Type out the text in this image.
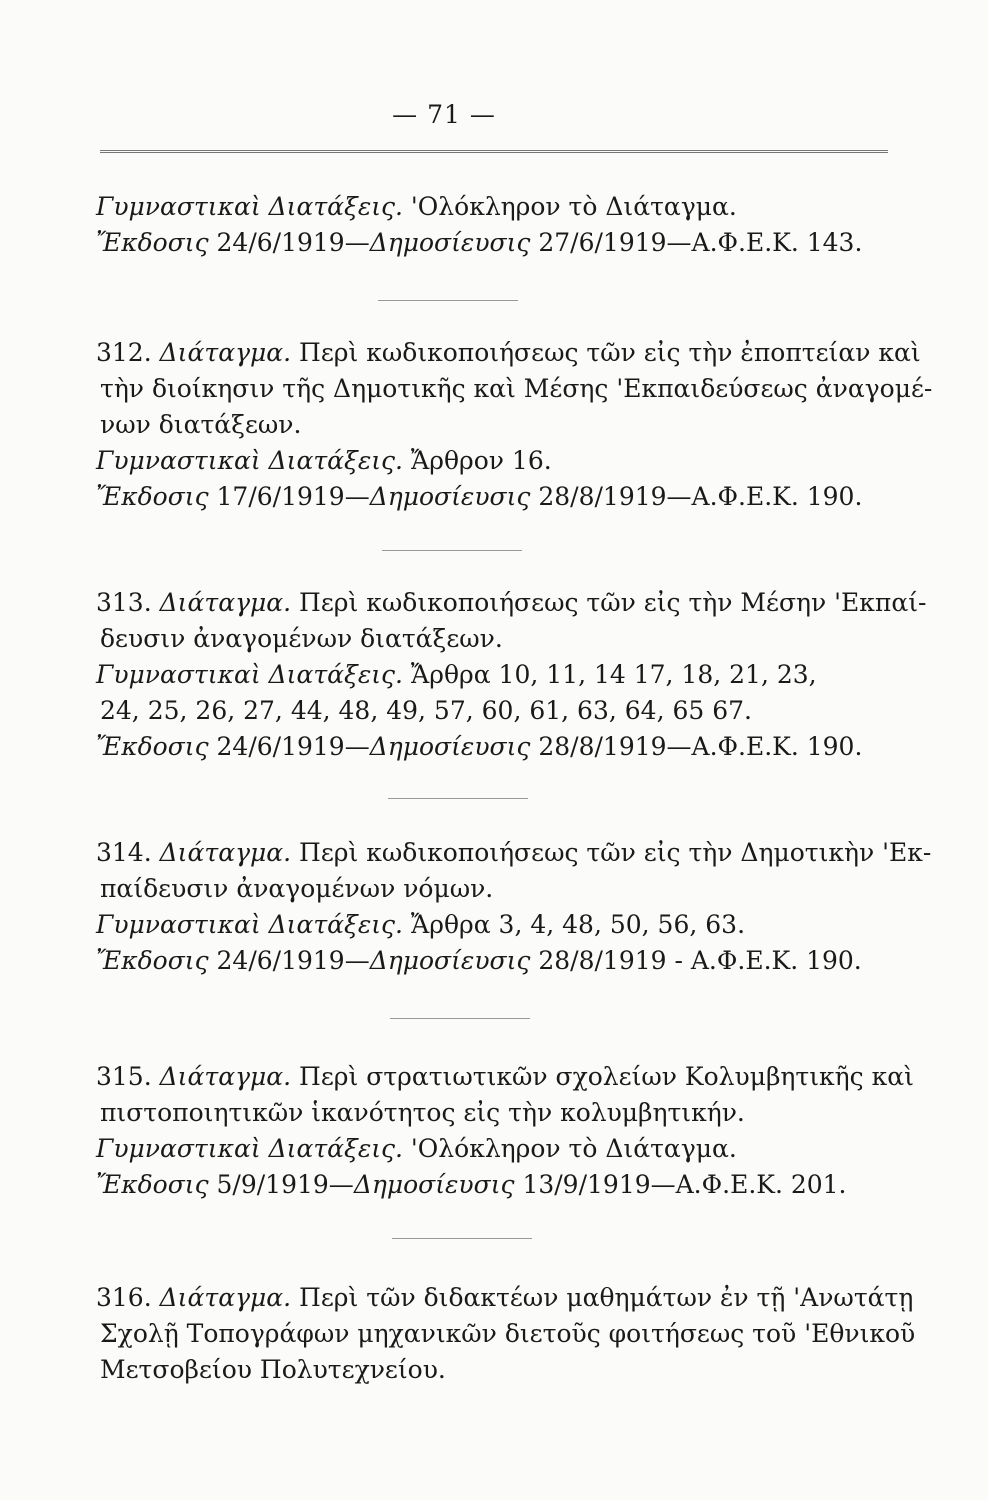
— 71 —
Γυμναστικαὶ Διατάξεις. 'Ολόκληρον τὸ Διάταγμα.
Ἔκδοσις 24/6/1919—Δημοσίευσις 27/6/1919—Α.Φ.Ε.Κ. 143.
312. Διάταγμα. Περὶ κωδικοποιήσεως τῶν εἰς τὴν ἐποπτείαν καὶ
τὴν διοίκησιν τῆς Δημοτικῆς καὶ Μέσης 'Εκπαιδεύσεως ἀναγομέ-
νων διατάξεων.
Γυμναστικαὶ Διατάξεις. Ἄρθρον 16.
Ἔκδοσις 17/6/1919—Δημοσίευσις 28/8/1919—Α.Φ.Ε.Κ. 190.
313. Διάταγμα. Περὶ κωδικοποιήσεως τῶν εἰς τὴν Μέσην 'Εκπαί-
δευσιν ἀναγομένων διατάξεων.
Γυμναστικαὶ Διατάξεις. Ἄρθρα 10, 11, 14 17, 18, 21, 23,
24, 25, 26, 27, 44, 48, 49, 57, 60, 61, 63, 64, 65 67.
Ἔκδοσις 24/6/1919—Δημοσίευσις 28/8/1919—Α.Φ.Ε.Κ. 190.
314. Διάταγμα. Περὶ κωδικοποιήσεως τῶν εἰς τὴν Δημοτικὴν 'Εκ-
παίδευσιν ἀναγομένων νόμων.
Γυμναστικαὶ Διατάξεις. Ἄρθρα 3, 4, 48, 50, 56, 63.
Ἔκδοσις 24/6/1919—Δημοσίευσις 28/8/1919 - Α.Φ.Ε.Κ. 190.
315. Διάταγμα. Περὶ στρατιωτικῶν σχολείων Κολυμβητικῆς καὶ
πιστοποιητικῶν ἱκανότητος εἰς τὴν κολυμβητικήν.
Γυμναστικαὶ Διατάξεις. 'Ολόκληρον τὸ Διάταγμα.
Ἔκδοσις 5/9/1919—Δημοσίευσις 13/9/1919—Α.Φ.Ε.Κ. 201.
316. Διάταγμα. Περὶ τῶν διδακτέων μαθημάτων ἐν τῇ 'Ανωτάτῃ
Σχολῇ Τοπογράφων μηχανικῶν διετοῦς φοιτήσεως τοῦ 'Εθνικοῦ
Μετσοβείου Πολυτεχνείου.
